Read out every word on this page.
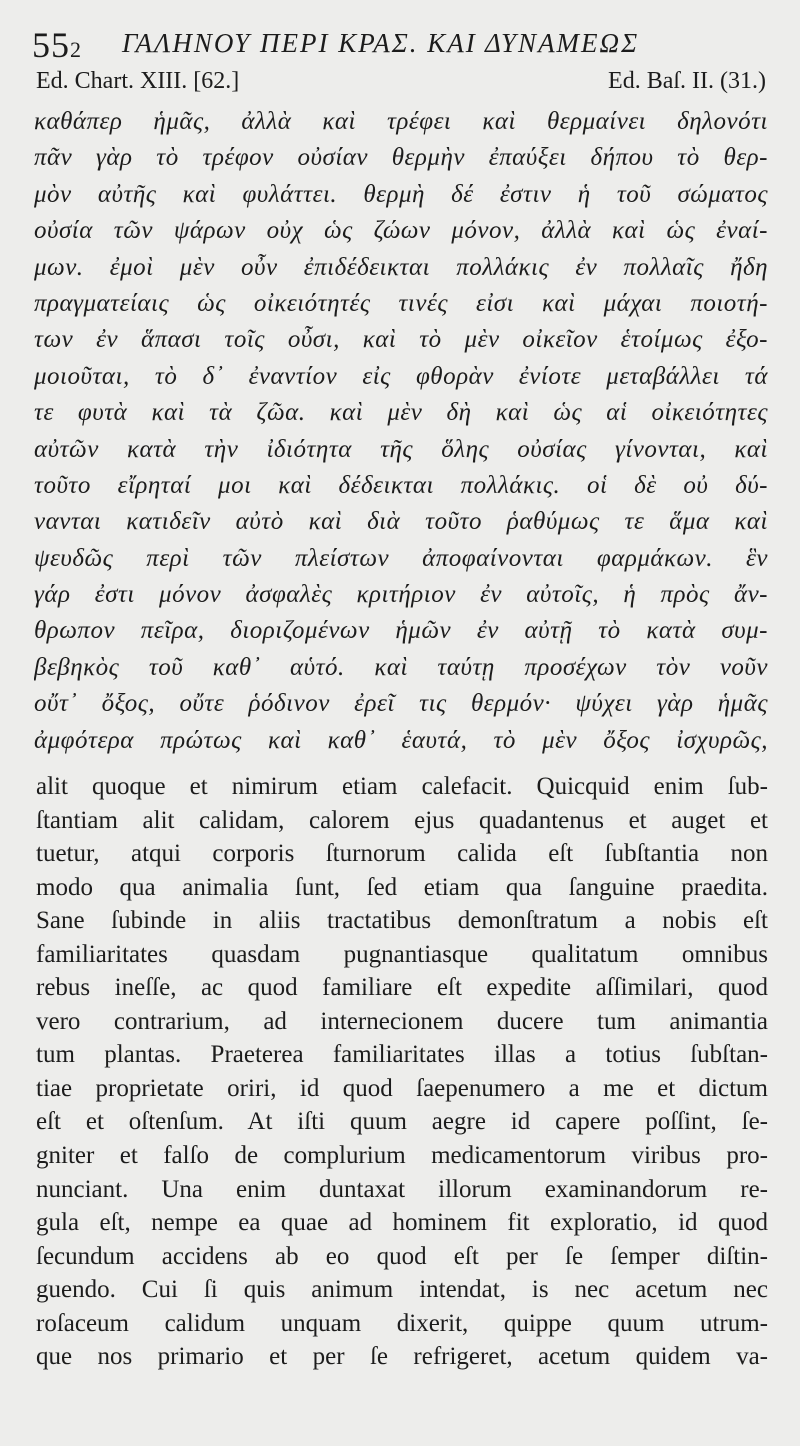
552 ΓΑΛΗΝΟΥ ΠΕΡΙ ΚΡΑΣ. ΚΑΙ ΔΥΝΑΜΕΩΣ
Ed. Chart. XIII. [62.]	Ed. Baſ. II. (31.)
καθάπερ ἡμᾶς, ἀλλὰ καὶ τρέφει καὶ θερμαίνει δηλονότι
πᾶν γὰρ τὸ τρέφον οὐσίαν θερμὴν ἐπαύξει δήπου τὸ θερ-
μὸν αὐτῆς καὶ φυλάττει. θερμὴ δέ ἐστιν ἡ τοῦ σώματος
οὐσία τῶν ψάρων οὐχ ὡς ζώων μόνον, ἀλλὰ καὶ ὡς ἐναί-
μων. ἐμοὶ μὲν οὖν ἐπιδέδεικται πολλάκις ἐν πολλαῖς ἤδη
πραγματείαις ὡς οἰκειότητές τινές εἰσι καὶ μάχαι ποιοτή-
των ἐν ἅπασι τοῖς οὖσι, καὶ τὸ μὲν οἰκεῖον ἑτοίμως ἐξο-
μοιοῦται, τὸ δ᾽ ἐναντίον εἰς φθορὰν ἐνίοτε μεταβάλλει τά
τε φυτὰ καὶ τὰ ζῶα. καὶ μὲν δὴ καὶ ὡς αἱ οἰκειότητες
αὐτῶν κατὰ τὴν ἰδιότητα τῆς ὅλης οὐσίας γίνονται, καὶ
τοῦτο εἴρηταί μοι καὶ δέδεικται πολλάκις. οἱ δὲ οὐ δύ-
νανται κατιδεῖν αὐτὸ καὶ διὰ τοῦτο ῥαθύμως τε ἅμα καὶ
ψευδῶς περὶ τῶν πλείστων ἀποφαίνονται φαρμάκων. ἓν
γάρ ἐστι μόνον ἀσφαλὲς κριτήριον ἐν αὐτοῖς, ἡ πρὸς ἄν-
θρωπον πεῖρα, διοριζομένων ἡμῶν ἐν αὐτῇ τὸ κατὰ συμ-
βεβηκὸς τοῦ καθ᾽ αὑτό. καὶ ταύτῃ προσέχων τὸν νοῦν
οὔτ᾽ ὄξος, οὔτε ῥόδινον ἐρεῖ τις θερμόν· ψύχει γὰρ ἡμᾶς
ἀμφότερα πρώτως καὶ καθ᾽ ἑαυτά, τὸ μὲν ὄξος ἰσχυρῶς,
alit quoque et nimirum etiam calefacit. Quicquid enim ſub-
ſtantiam alit calidam, calorem ejus quadantenus et auget et
tuetur, atqui corporis ſturnorum calida eſt ſubſtantia non
modo qua animalia ſunt, ſed etiam qua ſanguine praedita.
Sane ſubinde in aliis tractatibus demonſtratum a nobis eſt
familiaritates quasdam pugnantiasque qualitatum omnibus
rebus ineſſe, ac quod familiare eſt expedite aſſimilari, quod
vero contrarium, ad internecionem ducere tum animantia
tum plantas. Praeterea familiaritates illas a totius ſubſtan-
tiae proprietate oriri, id quod ſaepenumero a me et dictum
eſt et oſtenſum. At iſti quum aegre id capere poſſint, ſe-
gniter et falſo de complurium medicamentorum viribus pro-
nunciant. Una enim duntaxat illorum examinandorum re-
gula eſt, nempe ea quae ad hominem fit exploratio, id quod
ſecundum accidens ab eo quod eſt per ſe ſemper diſtin-
guendo. Cui ſi quis animum intendat, is nec acetum nec
roſaceum calidum unquam dixerit, quippe quum utrum-
que nos primario et per ſe refrigeret, acetum quidem va-
